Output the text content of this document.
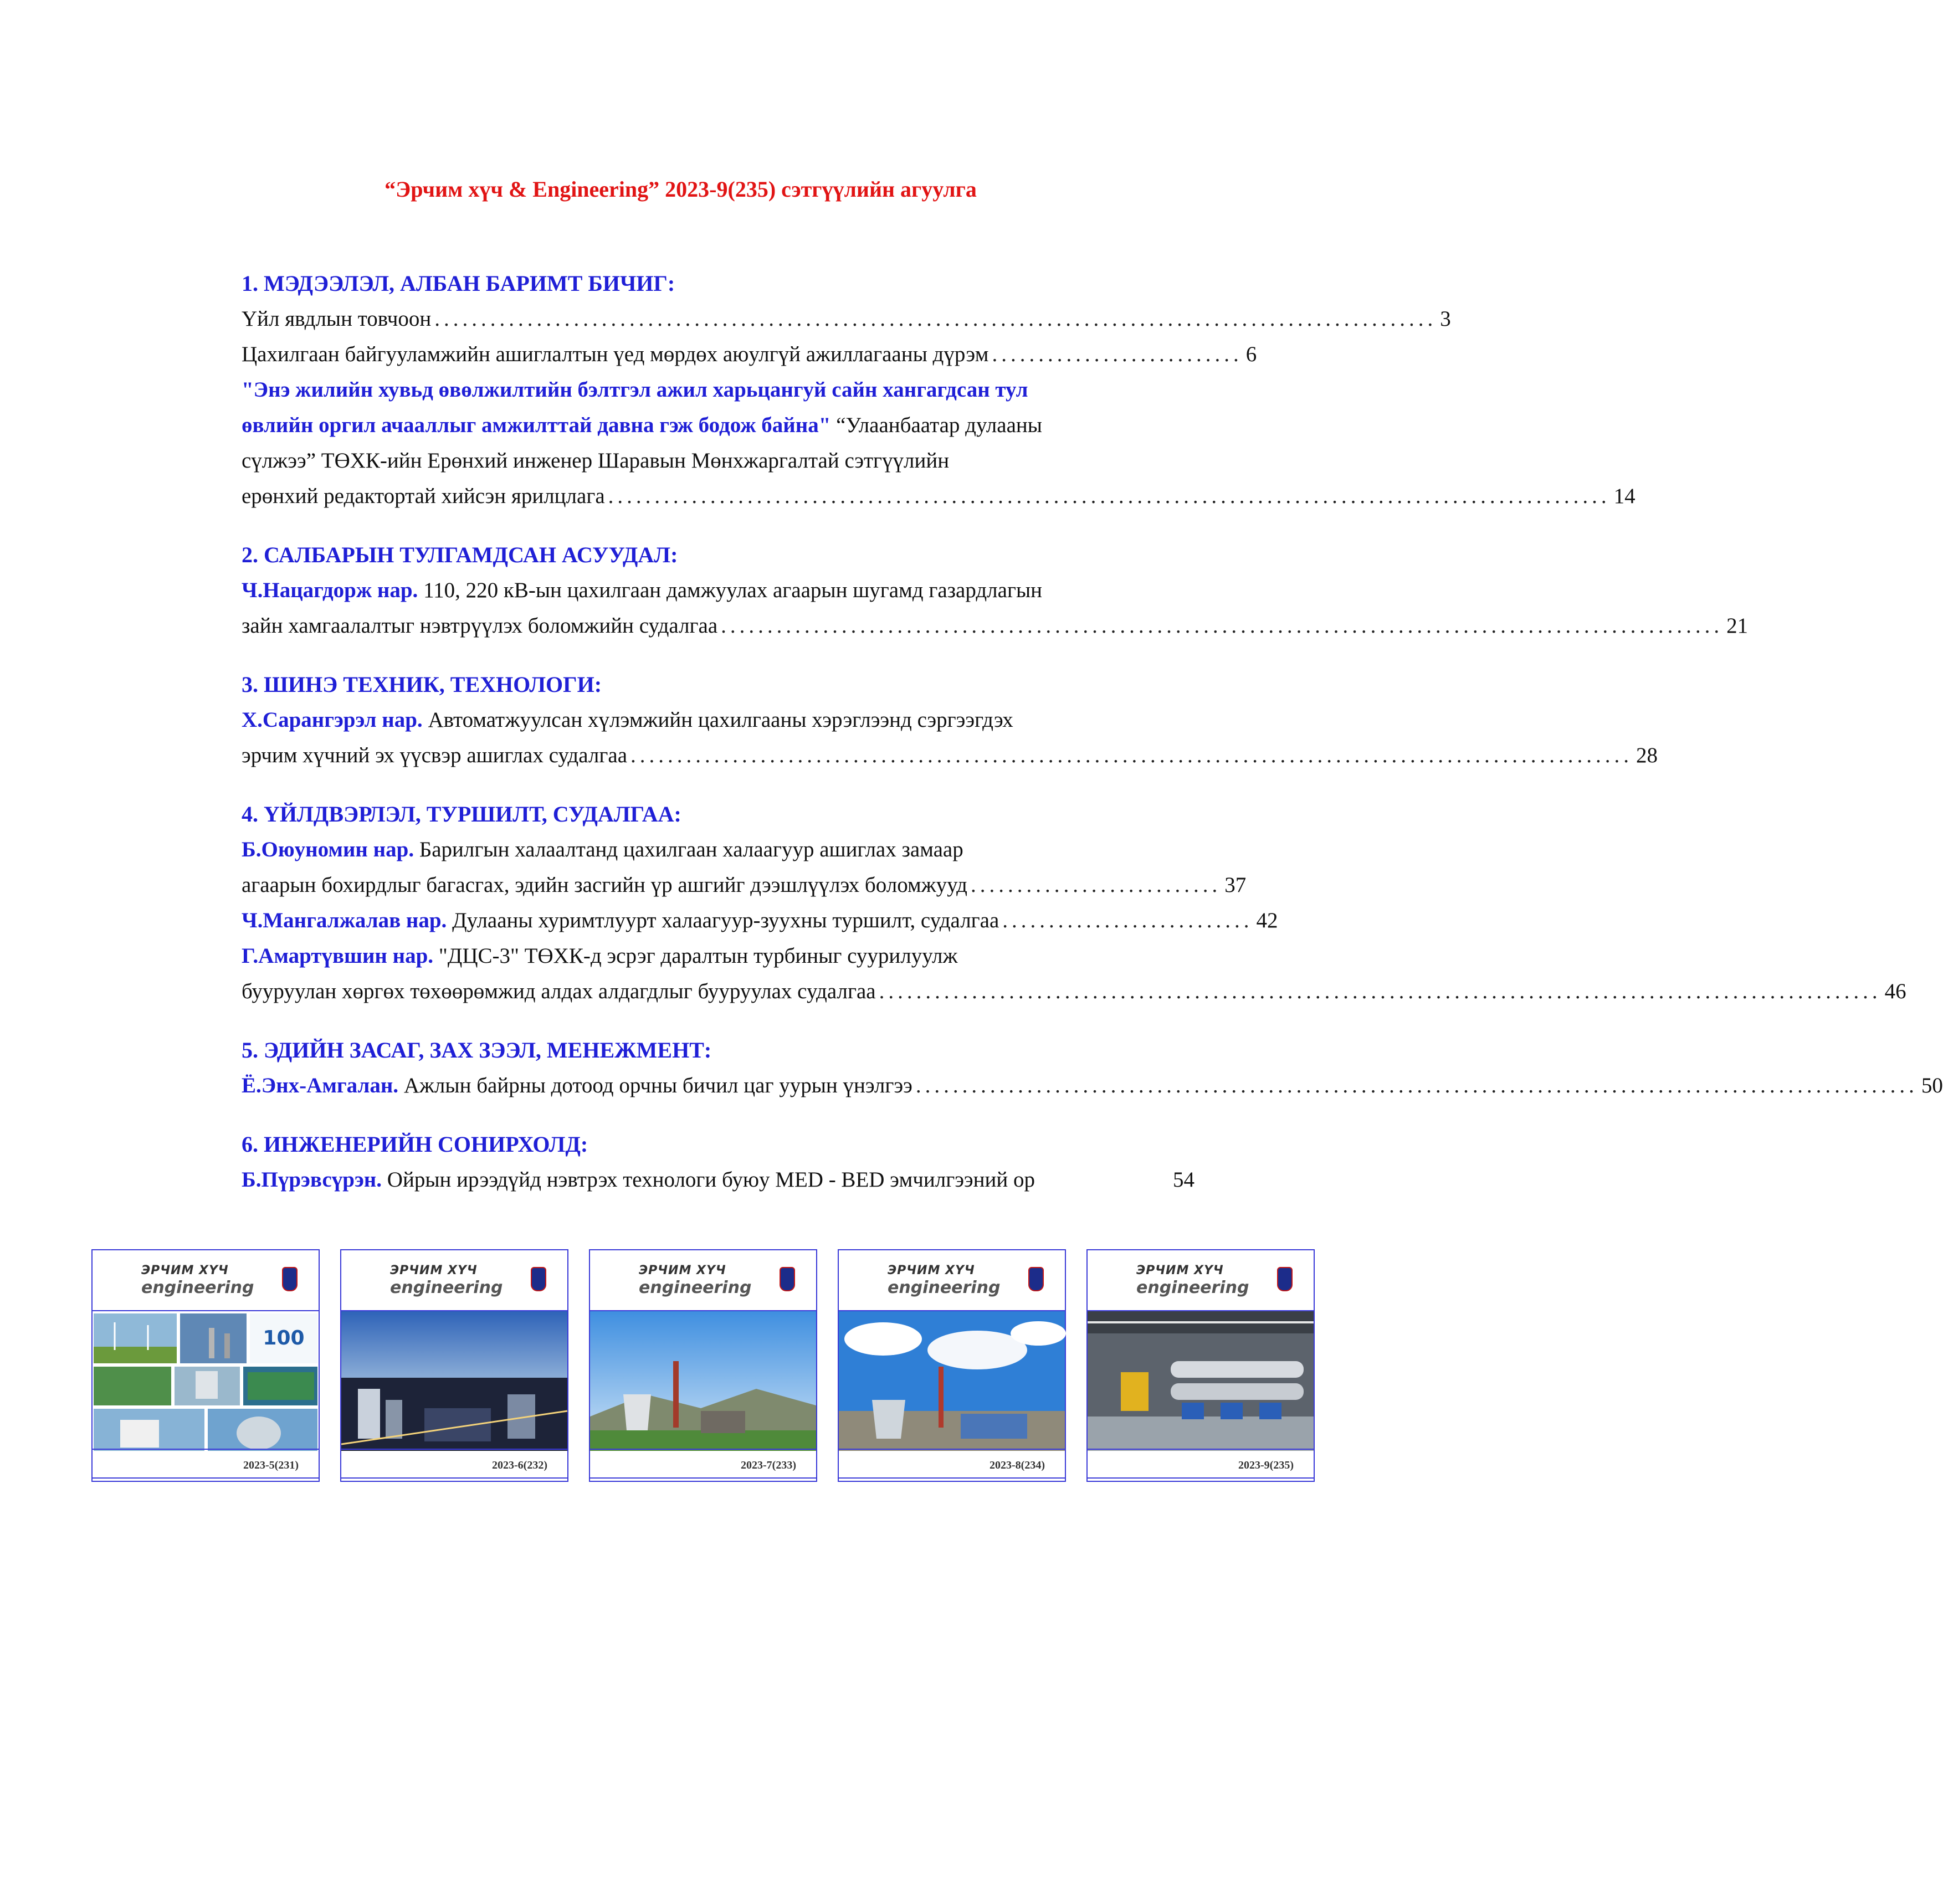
“Эрчим хүч & Engineering” 2023-9(235) сэтгүүлийн агуулга
1. МЭДЭЭЛЭЛ, АЛБАН БАРИМТ БИЧИГ:
Үйл явдлын товчоон ............................................................................................................ 3
Цахилгаан байгууламжийн ашиглалтын үед мөрдөх аюулгүй ажиллагааны дүрэм ........................... 6
"Энэ жилийн хувьд өвөлжилтийн бэлтгэл ажил харьцангуй сайн хангагдсан тул
өвлийн оргил ачааллыг амжилттай давна гэж бодож байна" “Улаанбаатар дулааны
сүлжээ” ТӨХК-ийн Ерөнхий инженер Шаравын Мөнхжаргалтай сэтгүүлийн
ерөнхий редактортай хийсэн ярилцлага ............................................................................................................ 14
2. САЛБАРЫН ТУЛГАМДСАН АСУУДАЛ:
Ч.Нацагдорж нар. 110, 220 кВ-ын цахилгаан дамжуулах агаарын шугамд газардлагын
зайн хамгаалалтыг нэвтрүүлэх боломжийн судалгаа ............................................................................................................ 21
3. ШИНЭ ТЕХНИК, ТЕХНОЛОГИ:
Х.Сарангэрэл нар. Автоматжуулсан хүлэмжийн цахилгааны хэрэглээнд сэргээгдэх
эрчим хүчний эх үүсвэр ашиглах судалгаа ............................................................................................................ 28
4. ҮЙЛДВЭРЛЭЛ, ТУРШИЛТ, СУДАЛГАА:
Б.Оюуномин нар. Барилгын халаалтанд цахилгаан халаагуур ашиглах замаар
агаарын бохирдлыг багасгах, эдийн засгийн үр ашгийг дээшлүүлэх боломжууд ........................... 37
Ч.Мангалжалав нар. Дулааны хуримтлуурт халаагуур-зуухны туршилт, судалгаа ........................... 42
Г.Амартүвшин нар. "ДЦС-3" ТӨХК-д эсрэг даралтын турбиныг суурилуулж
бууруулан хөргөх төхөөрөмжид алдах алдагдлыг бууруулах судалгаа ............................................................................................................ 46
5. ЭДИЙН ЗАСАГ, ЗАХ ЗЭЭЛ, МЕНЕЖМЕНТ:
Ё.Энх-Амгалан. Ажлын байрны дотоод орчны бичил цаг уурын үнэлгээ ............................................................................................................ 50
6. ИНЖЕНЕРИЙН СОНИРХОЛД:
Б.Пүрэвсүрэн. Ойрын ирээдүйд нэвтрэх технологи буюу MED - BED эмчилгээний ор	54
ЭРЧИМ ХҮЧ
engineering
100
2023-5(231)
ЭРЧИМ ХҮЧ
engineering
2023-6(232)
ЭРЧИМ ХҮЧ
engineering
2023-7(233)
ЭРЧИМ ХҮЧ
engineering
2023-8(234)
ЭРЧИМ ХҮЧ
engineering
2023-9(235)
